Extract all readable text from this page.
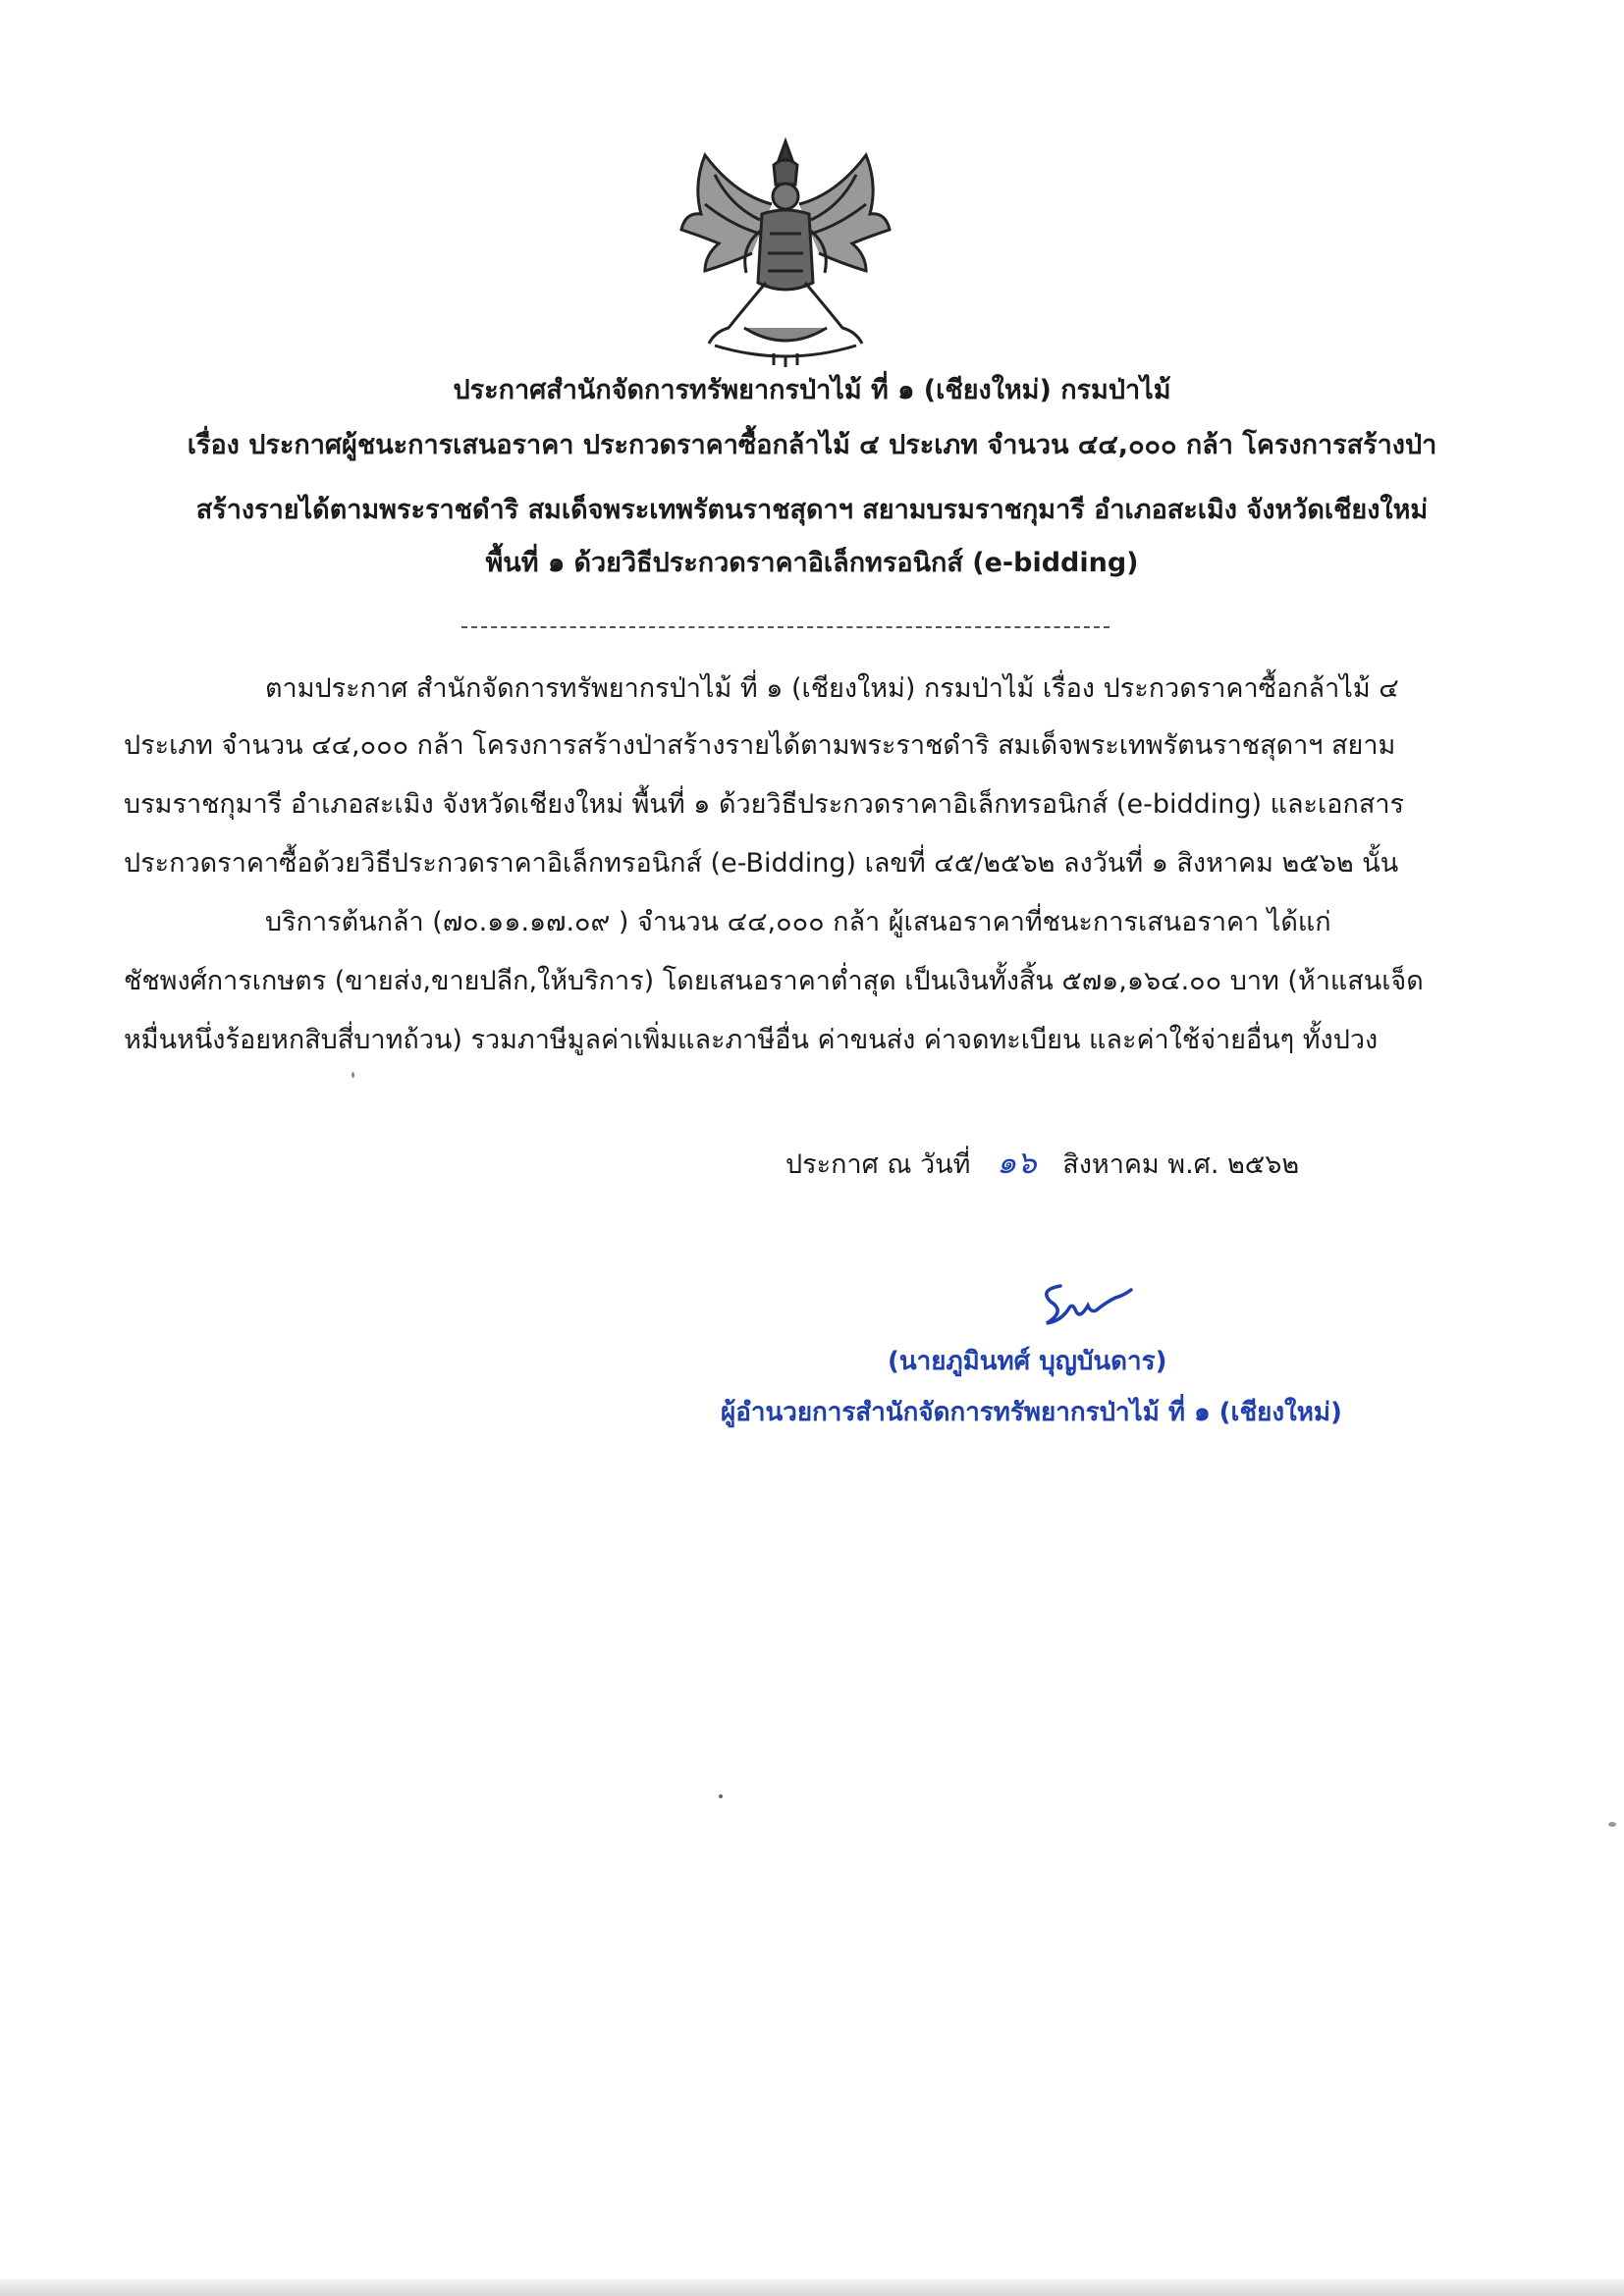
ประกาศสำนักจัดการทรัพยากรป่าไม้ ที่ ๑ (เชียงใหม่) กรมป่าไม้
เรื่อง ประกาศผู้ชนะการเสนอราคา ประกวดราคาซื้อกล้าไม้ ๔ ประเภท จำนวน ๔๔,๐๐๐ กล้า โครงการสร้างป่า
สร้างรายได้ตามพระราชดำริ สมเด็จพระเทพรัตนราชสุดาฯ สยามบรมราชกุมารี อำเภอสะเมิง จังหวัดเชียงใหม่
พื้นที่ ๑ ด้วยวิธีประกวดราคาอิเล็กทรอนิกส์ (e-bidding)
ตามประกาศ สำนักจัดการทรัพยากรป่าไม้ ที่ ๑ (เชียงใหม่) กรมป่าไม้ เรื่อง ประกวดราคาซื้อกล้าไม้ ๔
ประเภท จำนวน ๔๔,๐๐๐ กล้า โครงการสร้างป่าสร้างรายได้ตามพระราชดำริ สมเด็จพระเทพรัตนราชสุดาฯ สยาม
บรมราชกุมารี อำเภอสะเมิง จังหวัดเชียงใหม่ พื้นที่ ๑ ด้วยวิธีประกวดราคาอิเล็กทรอนิกส์ (e-bidding) และเอกสาร
ประกวดราคาซื้อด้วยวิธีประกวดราคาอิเล็กทรอนิกส์ (e-Bidding) เลขที่ ๔๕/๒๕๖๒ ลงวันที่ ๑ สิงหาคม ๒๕๖๒ นั้น
บริการต้นกล้า (๗๐.๑๑.๑๗.๐๙ ) จำนวน ๔๔,๐๐๐ กล้า ผู้เสนอราคาที่ชนะการเสนอราคา ได้แก่
ชัชพงศ์การเกษตร (ขายส่ง,ขายปลีก,ให้บริการ) โดยเสนอราคาต่ำสุด เป็นเงินทั้งสิ้น ๕๗๑,๑๖๔.๐๐ บาท (ห้าแสนเจ็ด
หมื่นหนึ่งร้อยหกสิบสี่บาทถ้วน) รวมภาษีมูลค่าเพิ่มและภาษีอื่น ค่าขนส่ง ค่าจดทะเบียน และค่าใช้จ่ายอื่นๆ ทั้งปวง
ประกาศ ณ วันที่ ๑๖ สิงหาคม พ.ศ. ๒๕๖๒
(นายภูมินทศ์ บุญบันดาร)
ผู้อำนวยการสำนักจัดการทรัพยากรป่าไม้ ที่ ๑ (เชียงใหม่)
